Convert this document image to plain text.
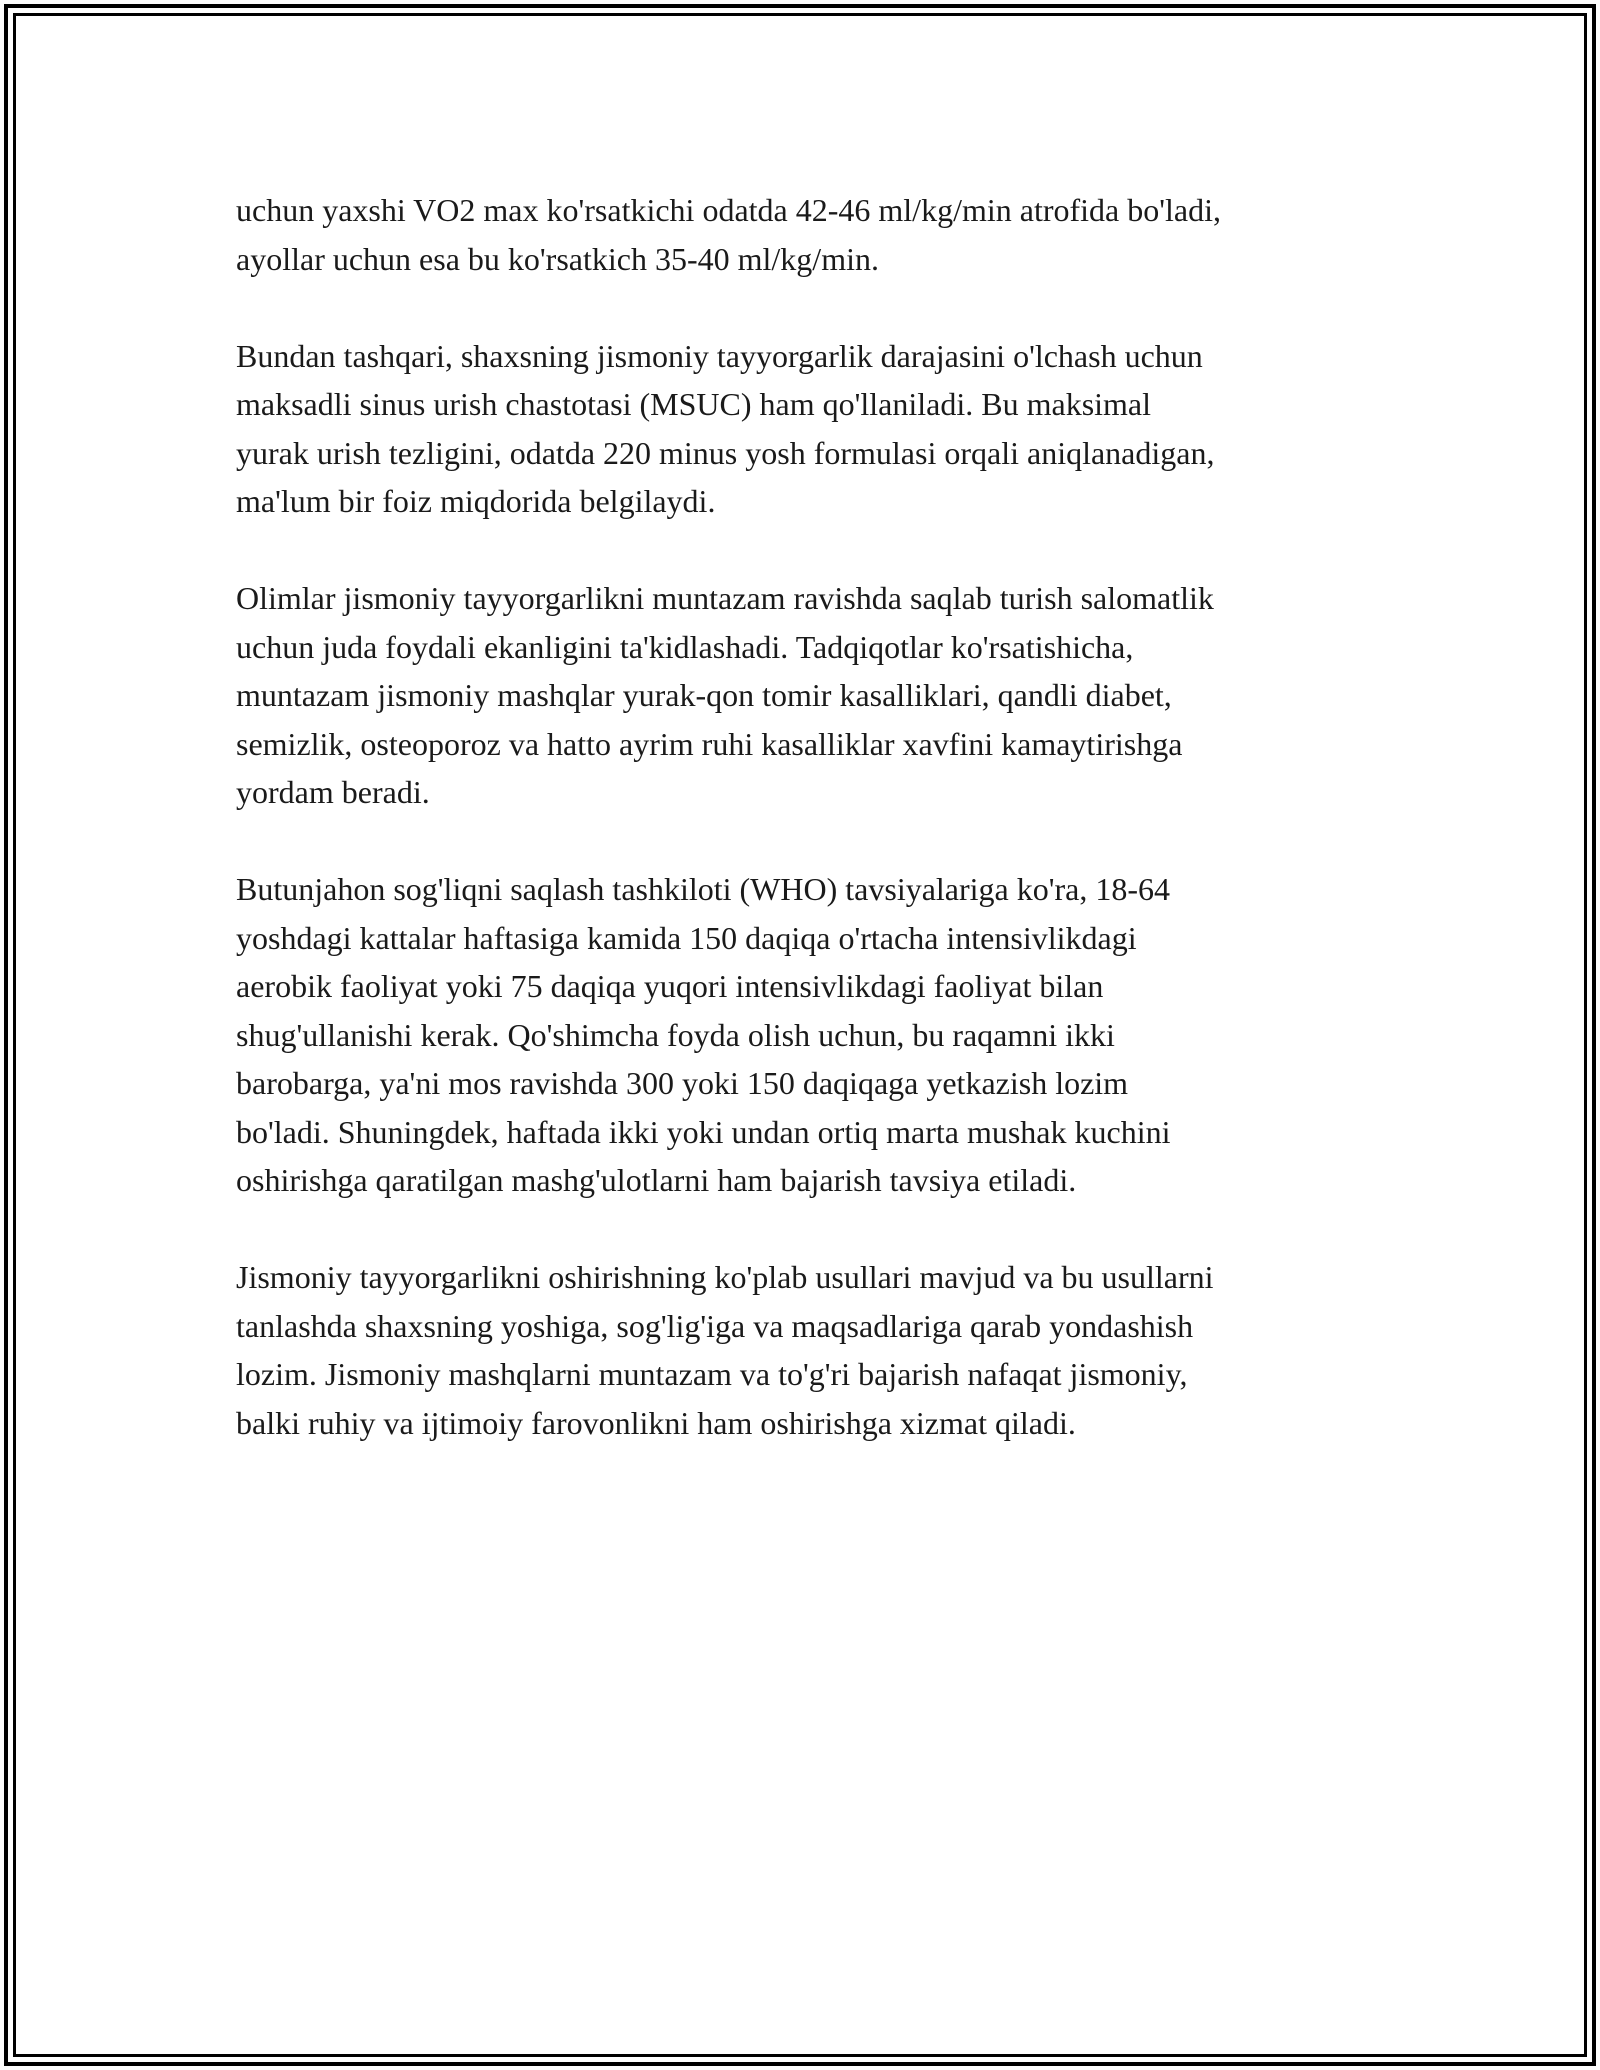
uchun yaxshi VO2 max ko'rsatkichi odatda 42-46 ml/kg/min atrofida bo'ladi,
ayollar uchun esa bu ko'rsatkich 35-40 ml/kg/min.

Bundan tashqari, shaxsning jismoniy tayyorgarlik darajasini o'lchash uchun
maksadli sinus urish chastotasi (MSUC) ham qo'llaniladi. Bu maksimal
yurak urish tezligini, odatda 220 minus yosh formulasi orqali aniqlanadigan,
ma'lum bir foiz miqdorida belgilaydi.

Olimlar jismoniy tayyorgarlikni muntazam ravishda saqlab turish salomatlik
uchun juda foydali ekanligini ta'kidlashadi. Tadqiqotlar ko'rsatishicha,
muntazam jismoniy mashqlar yurak-qon tomir kasalliklari, qandli diabet,
semizlik, osteoporoz va hatto ayrim ruhi kasalliklar xavfini kamaytirishga
yordam beradi.

Butunjahon sog'liqni saqlash tashkiloti (WHO) tavsiyalariga ko'ra, 18-64
yoshdagi kattalar haftasiga kamida 150 daqiqa o'rtacha intensivlikdagi
aerobik faoliyat yoki 75 daqiqa yuqori intensivlikdagi faoliyat bilan
shug'ullanishi kerak. Qo'shimcha foyda olish uchun, bu raqamni ikki
barobarga, ya'ni mos ravishda 300 yoki 150 daqiqaga yetkazish lozim
bo'ladi. Shuningdek, haftada ikki yoki undan ortiq marta mushak kuchini
oshirishga qaratilgan mashg'ulotlarni ham bajarish tavsiya etiladi.

Jismoniy tayyorgarlikni oshirishning ko'plab usullari mavjud va bu usullarni
tanlashda shaxsning yoshiga, sog'lig'iga va maqsadlariga qarab yondashish
lozim. Jismoniy mashqlarni muntazam va to'g'ri bajarish nafaqat jismoniy,
balki ruhiy va ijtimoiy farovonlikni ham oshirishga xizmat qiladi.
